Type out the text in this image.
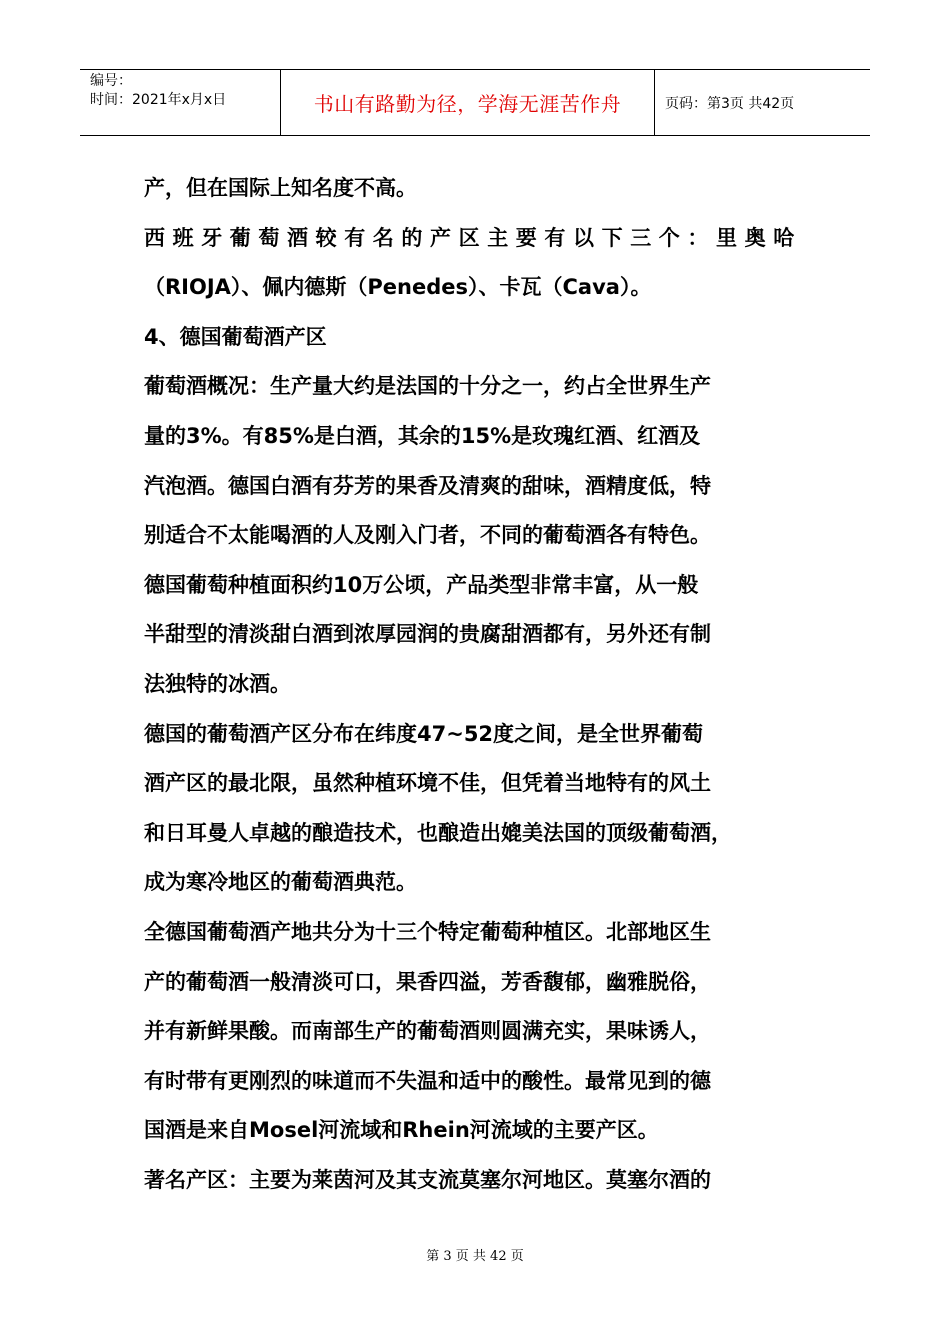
编号：
时间：2021年x月x日	书山有路勤为径，学海无涯苦作舟	页码：第3页 共42页
产，但在国际上知名度不高。
西班牙葡萄酒较有名的产区主要有以下三个：里奥哈
（RIOJA）、佩内德斯（Penedes）、卡瓦（Cava）。
4、德国葡萄酒产区
葡萄酒概况：生产量大约是法国的十分之一，约占全世界生产
量的3%。有85%是白酒，其余的15%是玫瑰红酒、红酒及
汽泡酒。德国白酒有芬芳的果香及清爽的甜味，酒精度低，特
别适合不太能喝酒的人及刚入门者，不同的葡萄酒各有特色。
德国葡萄种植面积约10万公顷，产品类型非常丰富，从一般
半甜型的清淡甜白酒到浓厚园润的贵腐甜酒都有，另外还有制
法独特的冰酒。
德国的葡萄酒产区分布在纬度47~52度之间，是全世界葡萄
酒产区的最北限，虽然种植环境不佳，但凭着当地特有的风土
和日耳曼人卓越的酿造技术，也酿造出媲美法国的顶级葡萄酒，
成为寒冷地区的葡萄酒典范。
全德国葡萄酒产地共分为十三个特定葡萄种植区。北部地区生
产的葡萄酒一般清淡可口，果香四溢，芳香馥郁，幽雅脱俗，
并有新鲜果酸。而南部生产的葡萄酒则圆满充实，果味诱人，
有时带有更刚烈的味道而不失温和适中的酸性。最常见到的德
国酒是来自Mosel河流域和Rhein河流域的主要产区。
著名产区：主要为莱茵河及其支流莫塞尔河地区。莫塞尔酒的
第 3 页 共 42 页
